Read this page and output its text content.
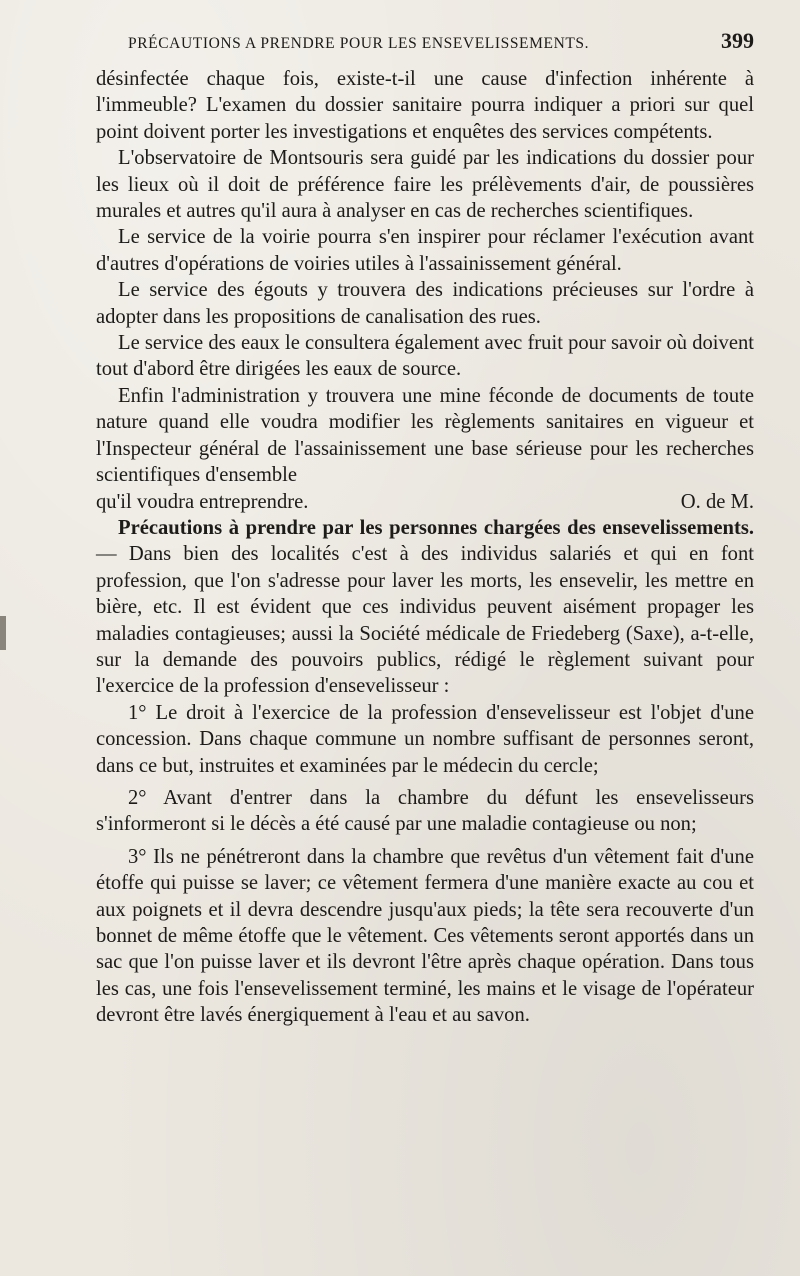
PRÉCAUTIONS A PRENDRE POUR LES ENSEVELISSEMENTS.	399

désinfectée chaque fois, existe-t-il une cause d'infection inhérente à l'immeuble? L'examen du dossier sanitaire pourra indiquer a priori sur quel point doivent porter les investigations et enquêtes des services compétents.

L'observatoire de Montsouris sera guidé par les indications du dossier pour les lieux où il doit de préférence faire les prélèvements d'air, de poussières murales et autres qu'il aura à analyser en cas de recherches scientifiques.

Le service de la voirie pourra s'en inspirer pour réclamer l'exécution avant d'autres d'opérations de voiries utiles à l'assainissement général.

Le service des égouts y trouvera des indications précieuses sur l'ordre à adopter dans les propositions de canalisation des rues.

Le service des eaux le consultera également avec fruit pour savoir où doivent tout d'abord être dirigées les eaux de source.

Enfin l'administration y trouvera une mine féconde de documents de toute nature quand elle voudra modifier les règlements sanitaires en vigueur et l'Inspecteur général de l'assainissement une base sérieuse pour les recherches scientifiques d'ensemble

qu'il voudra entreprendre.	O. de M.

Précautions à prendre par les personnes chargées des ensevelissements. — Dans bien des localités c'est à des individus salariés et qui en font profession, que l'on s'adresse pour laver les morts, les ensevelir, les mettre en bière, etc. Il est évident que ces individus peuvent aisément propager les maladies contagieuses; aussi la Société médicale de Friedeberg (Saxe), a-t-elle, sur la demande des pouvoirs publics, rédigé le règlement suivant pour l'exercice de la profession d'ensevelisseur :

1° Le droit à l'exercice de la profession d'ensevelisseur est l'objet d'une concession. Dans chaque commune un nombre suffisant de personnes seront, dans ce but, instruites et examinées par le médecin du cercle;

2° Avant d'entrer dans la chambre du défunt les ensevelisseurs s'informeront si le décès a été causé par une maladie contagieuse ou non;

3° Ils ne pénétreront dans la chambre que revêtus d'un vêtement fait d'une étoffe qui puisse se laver; ce vêtement fermera d'une manière exacte au cou et aux poignets et il devra descendre jusqu'aux pieds; la tête sera recouverte d'un bonnet de même étoffe que le vêtement. Ces vêtements seront apportés dans un sac que l'on puisse laver et ils devront l'être après chaque opération. Dans tous les cas, une fois l'ensevelissement terminé, les mains et le visage de l'opérateur devront être lavés énergiquement à l'eau et au savon.
